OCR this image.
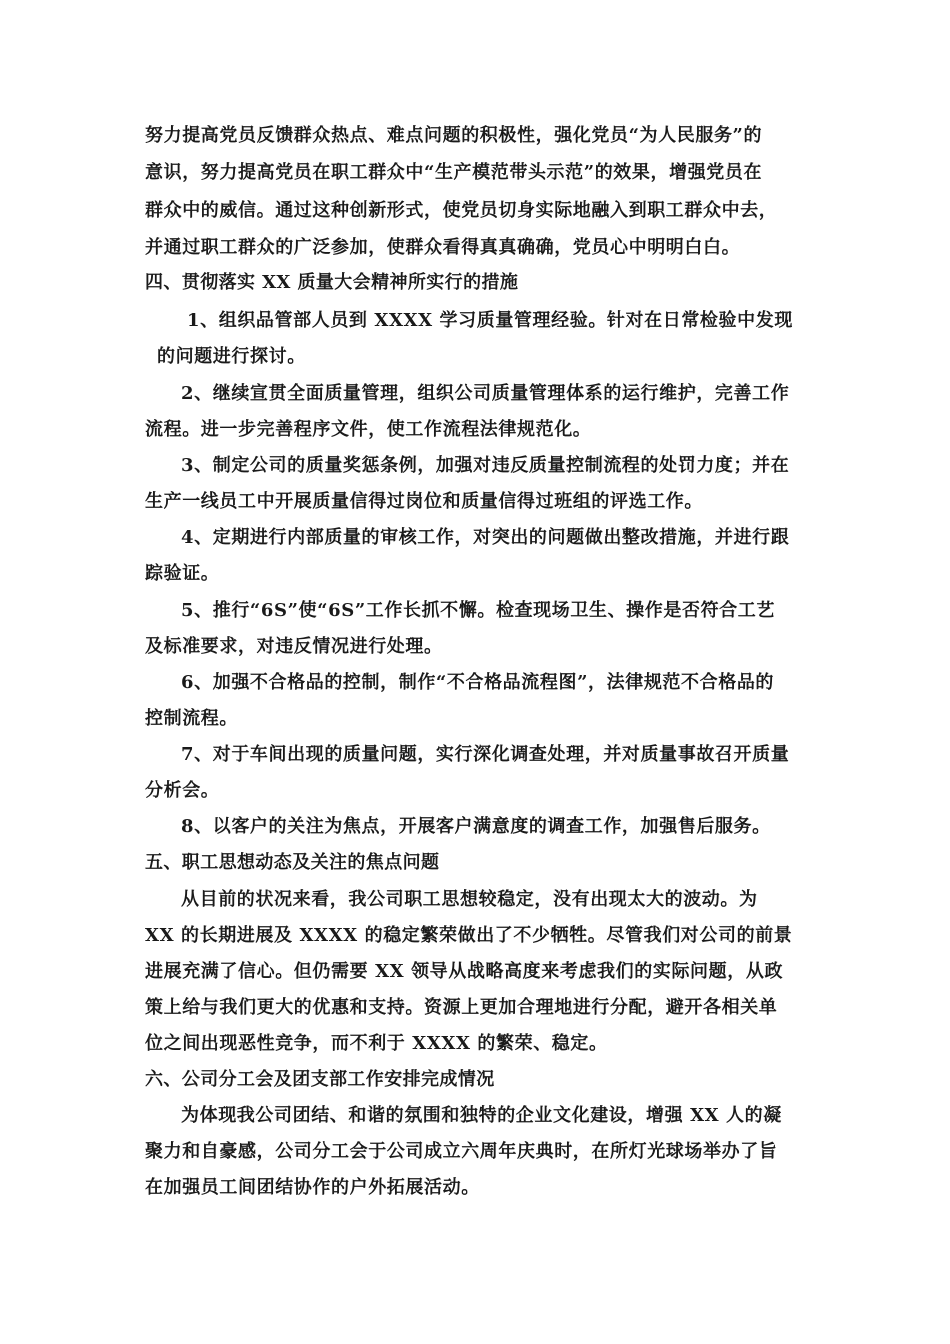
努力提高党员反馈群众热点、难点问题的积极性，强化党员“为人民服务”的
意识，努力提高党员在职工群众中“生产模范带头示范”的效果，增强党员在
群众中的威信。通过这种创新形式，使党员切身实际地融入到职工群众中去，
并通过职工群众的广泛参加，使群众看得真真确确，党员心中明明白白。
四、贯彻落实 XX 质量大会精神所实行的措施
1、组织品管部人员到 XXXX 学习质量管理经验。针对在日常检验中发现
的问题进行探讨。
2、继续宣贯全面质量管理，组织公司质量管理体系的运行维护，完善工作
流程。进一步完善程序文件，使工作流程法律规范化。
3、制定公司的质量奖惩条例，加强对违反质量控制流程的处罚力度；并在
生产一线员工中开展质量信得过岗位和质量信得过班组的评选工作。
4、定期进行内部质量的审核工作，对突出的问题做出整改措施，并进行跟
踪验证。
5、推行“6S”使“6S”工作长抓不懈。检查现场卫生、操作是否符合工艺
及标准要求，对违反情况进行处理。
6、加强不合格品的控制，制作“不合格品流程图”，法律规范不合格品的
控制流程。
7、对于车间出现的质量问题，实行深化调查处理，并对质量事故召开质量
分析会。
8、以客户的关注为焦点，开展客户满意度的调查工作，加强售后服务。
五、职工思想动态及关注的焦点问题
从目前的状况来看，我公司职工思想较稳定，没有出现太大的波动。为
XX 的长期进展及 XXXX 的稳定繁荣做出了不少牺牲。尽管我们对公司的前景
进展充满了信心。但仍需要 XX 领导从战略高度来考虑我们的实际问题，从政
策上给与我们更大的优惠和支持。资源上更加合理地进行分配，避开各相关单
位之间出现恶性竞争，而不利于 XXXX 的繁荣、稳定。
六、公司分工会及团支部工作安排完成情况
为体现我公司团结、和谐的氛围和独特的企业文化建设，增强 XX 人的凝
聚力和自豪感，公司分工会于公司成立六周年庆典时，在所灯光球场举办了旨
在加强员工间团结协作的户外拓展活动。
